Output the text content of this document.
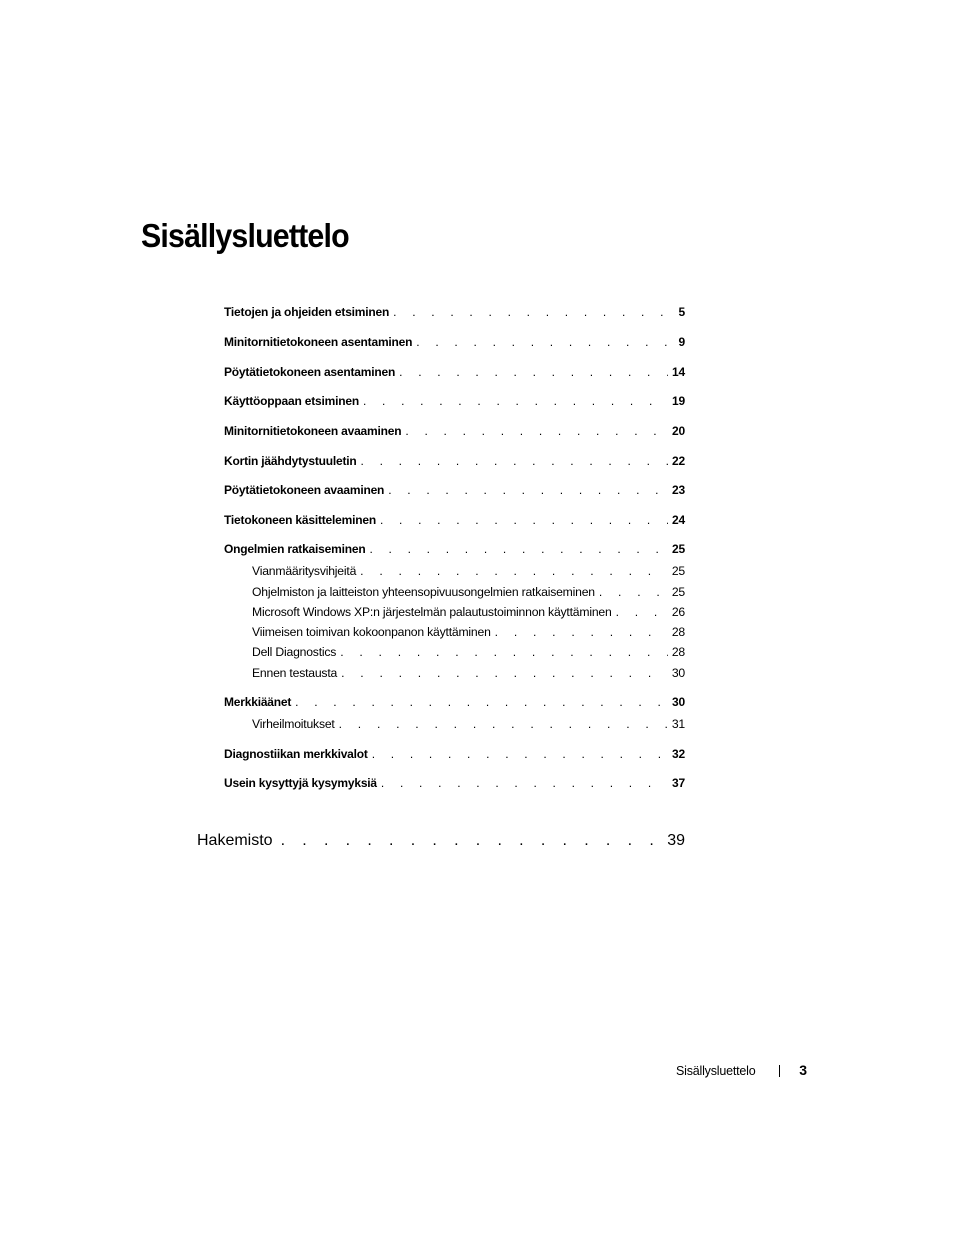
Sisällysluettelo
Tietojen ja ohjeiden etsiminen . . .	5
Minitornitietokoneen asentaminen . . .	9
Pöytätietokoneen asentaminen . . .	14
Käyttöoppaan etsiminen . . .	19
Minitornitietokoneen avaaminen . . .	20
Kortin jäähdytystuuletin . . .	22
Pöytätietokoneen avaaminen . . .	23
Tietokoneen käsitteleminen . . .	24
Ongelmien ratkaiseminen . . .	25
Vianmääritysvihjeitä . . .	25
Ohjelmiston ja laitteiston yhteensopivuusongelmien ratkaiseminen . . .	25
Microsoft Windows XP:n järjestelmän palautustoiminnon käyttäminen . . .	26
Viimeisen toimivan kokoonpanon käyttäminen . . .	28
Dell Diagnostics . . .	28
Ennen testausta . . .	30
Merkkiäänet . . .	30
Virheilmoitukset . . .	31
Diagnostiikan merkkivalot . . .	32
Usein kysyttyjä kysymyksiä . . .	37
Hakemisto . . .	39
Sisällysluettelo	3
